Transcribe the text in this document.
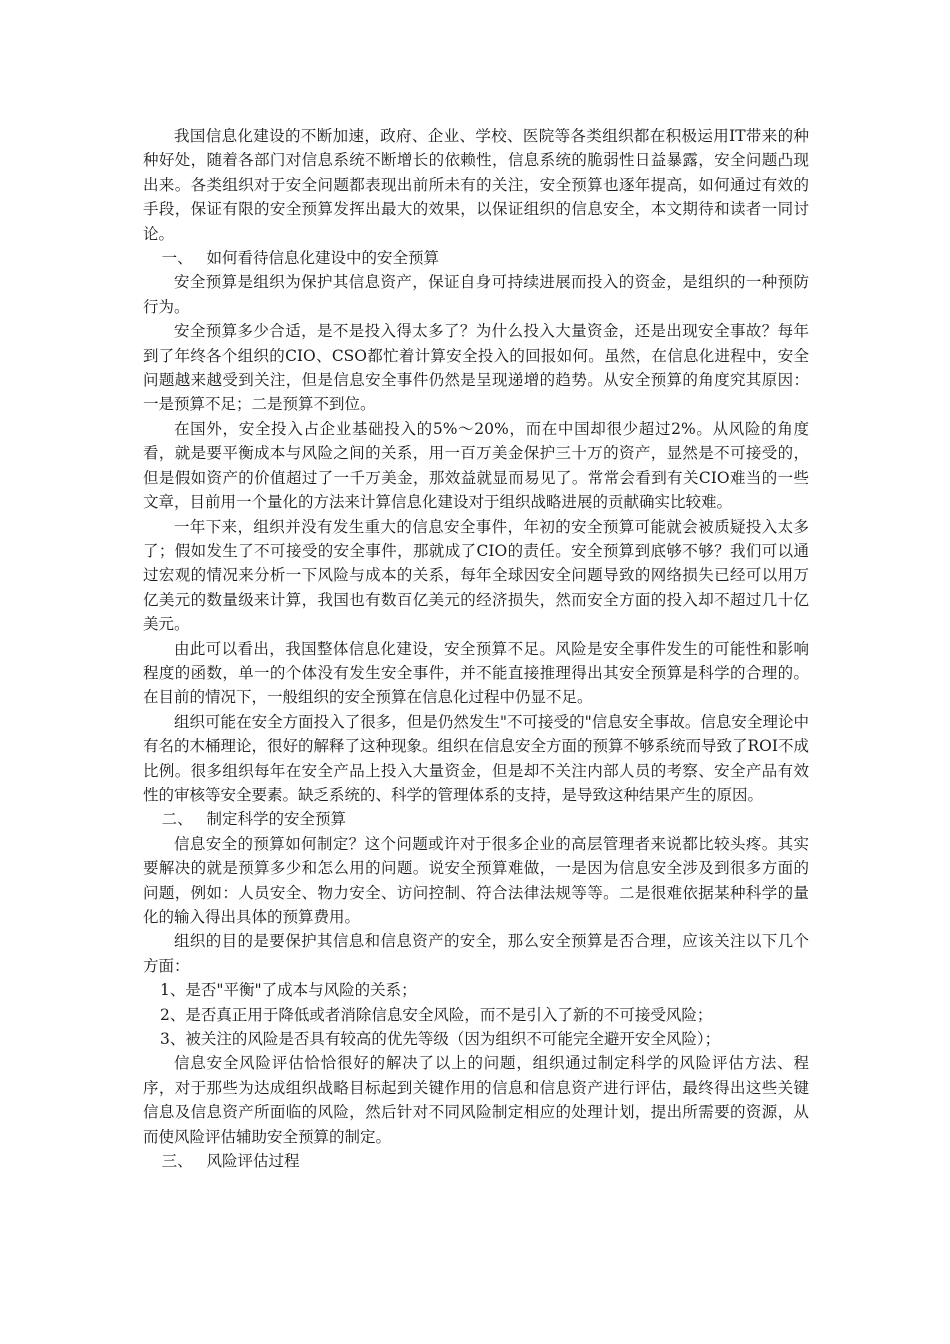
我国信息化建设的不断加速，政府、企业、学校、医院等各类组织都在积极运用IT带来的种种好处，随着各部门对信息系统不断增长的依赖性，信息系统的脆弱性日益暴露，安全问题凸现出来。各类组织对于安全问题都表现出前所未有的关注，安全预算也逐年提高，如何通过有效的手段，保证有限的安全预算发挥出最大的效果，以保证组织的信息安全，本文期待和读者一同讨论。

一、 如何看待信息化建设中的安全预算

安全预算是组织为保护其信息资产，保证自身可持续进展而投入的资金，是组织的一种预防行为。

安全预算多少合适，是不是投入得太多了？为什么投入大量资金，还是出现安全事故？每年到了年终各个组织的CIO、CSO都忙着计算安全投入的回报如何。虽然，在信息化进程中，安全问题越来越受到关注，但是信息安全事件仍然是呈现递增的趋势。从安全预算的角度究其原因：一是预算不足；二是预算不到位。

在国外，安全投入占企业基础投入的5%～20%，而在中国却很少超过2%。从风险的角度看，就是要平衡成本与风险之间的关系，用一百万美金保护三十万的资产，显然是不可接受的，但是假如资产的价值超过了一千万美金，那效益就显而易见了。常常会看到有关CIO难当的一些文章，目前用一个量化的方法来计算信息化建设对于组织战略进展的贡献确实比较难。

一年下来，组织并没有发生重大的信息安全事件，年初的安全预算可能就会被质疑投入太多了；假如发生了不可接受的安全事件，那就成了CIO的责任。安全预算到底够不够？我们可以通过宏观的情况来分析一下风险与成本的关系，每年全球因安全问题导致的网络损失已经可以用万亿美元的数量级来计算，我国也有数百亿美元的经济损失，然而安全方面的投入却不超过几十亿美元。

由此可以看出，我国整体信息化建设，安全预算不足。风险是安全事件发生的可能性和影响程度的函数，单一的个体没有发生安全事件，并不能直接推理得出其安全预算是科学的合理的。在目前的情况下，一般组织的安全预算在信息化过程中仍显不足。

组织可能在安全方面投入了很多，但是仍然发生"不可接受的"信息安全事故。信息安全理论中有名的木桶理论，很好的解释了这种现象。组织在信息安全方面的预算不够系统而导致了ROI不成比例。很多组织每年在安全产品上投入大量资金，但是却不关注内部人员的考察、安全产品有效性的审核等安全要素。缺乏系统的、科学的管理体系的支持，是导致这种结果产生的原因。

二、 制定科学的安全预算

信息安全的预算如何制定？这个问题或许对于很多企业的高层管理者来说都比较头疼。其实要解决的就是预算多少和怎么用的问题。说安全预算难做，一是因为信息安全涉及到很多方面的问题，例如：人员安全、物力安全、访问控制、符合法律法规等等。二是很难依据某种科学的量化的输入得出具体的预算费用。

组织的目的是要保护其信息和信息资产的安全，那么安全预算是否合理，应该关注以下几个方面：

1、是否"平衡"了成本与风险的关系；

2、是否真正用于降低或者消除信息安全风险，而不是引入了新的不可接受风险；

3、被关注的风险是否具有较高的优先等级（因为组织不可能完全避开安全风险）；

信息安全风险评估恰恰很好的解决了以上的问题，组织通过制定科学的风险评估方法、程序，对于那些为达成组织战略目标起到关键作用的信息和信息资产进行评估，最终得出这些关键信息及信息资产所面临的风险，然后针对不同风险制定相应的处理计划，提出所需要的资源，从而使风险评估辅助安全预算的制定。

三、 风险评估过程
